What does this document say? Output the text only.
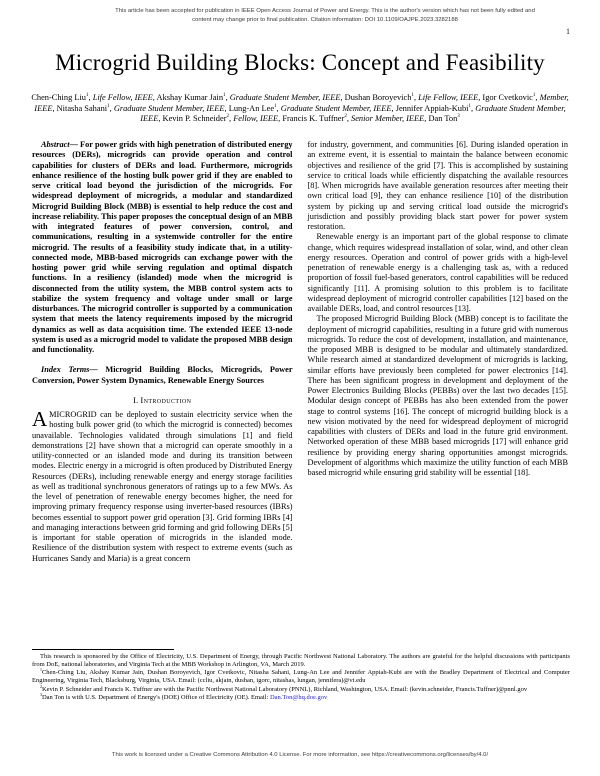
This article has been accepted for publication in IEEE Open Access Journal of Power and Energy. This is the author's version which has not been fully edited and
content may change prior to final publication. Citation information: DOI 10.1109/OAJPE.2023.3282188
1
Microgrid Building Blocks: Concept and Feasibility
Chen-Ching Liu$^1$, Life Fellow, IEEE, Akshay Kumar Jain$^1$, Graduate Student Member, IEEE, Dushan Boroyevich$^1$, Life Fellow, IEEE, Igor Cvetkovic$^1$, Member, IEEE, Nitasha Sahani$^1$, Graduate Student Member, IEEE, Lung-An Lee$^1$, Graduate Student Member, IEEE, Jennifer Appiah-Kubi$^1$, Graduate Student Member, IEEE, Kevin P. Schneider$^2$, Fellow, IEEE, Francis K. Tuffner$^2$, Senior Member, IEEE, Dan Ton$^3$

Abstract— For power grids with high penetration of distributed energy resources (DERs), microgrids can provide operation and control capabilities for clusters of DERs and load. Furthermore, microgrids enhance resilience of the hosting bulk power grid if they are enabled to serve critical load beyond the jurisdiction of the microgrids. For widespread deployment of microgrids, a modular and standardized Microgrid Building Block (MBB) is essential to help reduce the cost and increase reliability. This paper proposes the conceptual design of an MBB with integrated features of power conversion, control, and communications, resulting in a systemwide controller for the entire microgrid. The results of a feasibility study indicate that, in a utility-connected mode, MBB-based microgrids can exchange power with the hosting power grid while serving regulation and optimal dispatch functions. In a resiliency (islanded) mode when the microgrid is disconnected from the utility system, the MBB control system acts to stabilize the system frequency and voltage under small or large disturbances. The microgrid controller is supported by a communication system that meets the latency requirements imposed by the microgrid dynamics as well as data acquisition time. The extended IEEE 13-node system is used as a microgrid model to validate the proposed MBB design and functionality.

Index Terms— Microgrid Building Blocks, Microgrids, Power Conversion, Power System Dynamics, Renewable Energy Sources

I. Introduction

A MICROGRID can be deployed to sustain electricity service when the hosting bulk power grid (to which the microgrid is connected) becomes unavailable. Technologies validated through simulations [1] and field demonstrations [2] have shown that a microgrid can operate smoothly in a utility-connected or an islanded mode and during its transition between modes. Electric energy in a microgrid is often produced by Distributed Energy Resources (DERs), including renewable energy and energy storage facilities as well as traditional synchronous generators of ratings up to a few MWs. As the level of penetration of renewable energy becomes higher, the need for improving primary frequency response using inverter-based resources (IBRs) becomes essential to support power grid operation [3]. Grid forming IBRs [4] and managing interactions between grid forming and grid following DERs [5] is important for stable operation of microgrids in the islanded mode. Resilience of the distribution system with respect to extreme events (such as Hurricanes Sandy and Maria) is a great concern

for industry, government, and communities [6]. During islanded operation in an extreme event, it is essential to maintain the balance between economic objectives and resilience of the grid [7]. This is accomplished by sustaining service to critical loads while efficiently dispatching the available resources [8]. When microgrids have available generation resources after meeting their own critical load [9], they can enhance resilience [10] of the distribution system by picking up and serving critical load outside the microgrid's jurisdiction and possibly providing black start power for power system restoration.

Renewable energy is an important part of the global response to climate change, which requires widespread installation of solar, wind, and other clean energy resources. Operation and control of power grids with a high-level penetration of renewable energy is a challenging task as, with a reduced proportion of fossil fuel-based generators, control capabilities will be reduced significantly [11]. A promising solution to this problem is to facilitate widespread deployment of microgrid controller capabilities [12] based on the available DERs, load, and control resources [13].

The proposed Microgrid Building Block (MBB) concept is to facilitate the deployment of microgrid capabilities, resulting in a future grid with numerous microgrids. To reduce the cost of development, installation, and maintenance, the proposed MBB is designed to be modular and ultimately standardized. While research aimed at standardized development of microgrids is lacking, similar efforts have previously been completed for power electronics [14]. There has been significant progress in development and deployment of the Power Electronics Building Blocks (PEBBs) over the last two decades [15]. Modular design concept of PEBBs has also been extended from the power stage to control systems [16]. The concept of microgrid building block is a new vision motivated by the need for widespread deployment of microgrid capabilities with clusters of DERs and load in the future grid environment. Networked operation of these MBB based microgrids [17] will enhance grid resilience by providing energy sharing opportunities amongst microgrids. Development of algorithms which maximize the utility function of each MBB based microgrid while ensuring grid stability will be essential [18].

This research is sponsored by the Office of Electricity, U.S. Department of Energy, through Pacific Northwest National Laboratory. The authors are grateful for the helpful discussions with participants from DoE, national laboratories, and Virginia Tech at the MBB Workshop in Arlington, VA, March 2019.

$^1$Chen-Ching Liu, Akshay Kumar Jain, Dushan Boroyevich, Igor Cvetkovic, Nitasha Sahani, Lung-An Lee and Jennifer Appiah-Kubi are with the Bradley Department of Electrical and Computer Engineering, Virginia Tech, Blacksburg, Virginia, USA. Email: (ccliu, akjain, dushan, igorc, nitashas, lungan, jennifera)@vt.edu

$^2$Kevin P. Schneider and Francis K. Tuffner are with the Pacific Northwest National Laboratory (PNNL), Richland, Washington, USA. Email: (kevin.schneider, Francis.Tuffner)@pnnl.gov

$^3$Dan Ton is with U.S. Department of Energy's (DOE) Office of Electricity (OE). Email: Dan.Ton@hq.doe.gov

This work is licensed under a Creative Commons Attribution 4.0 License. For more information, see https://creativecommons.org/licenses/by/4.0/
